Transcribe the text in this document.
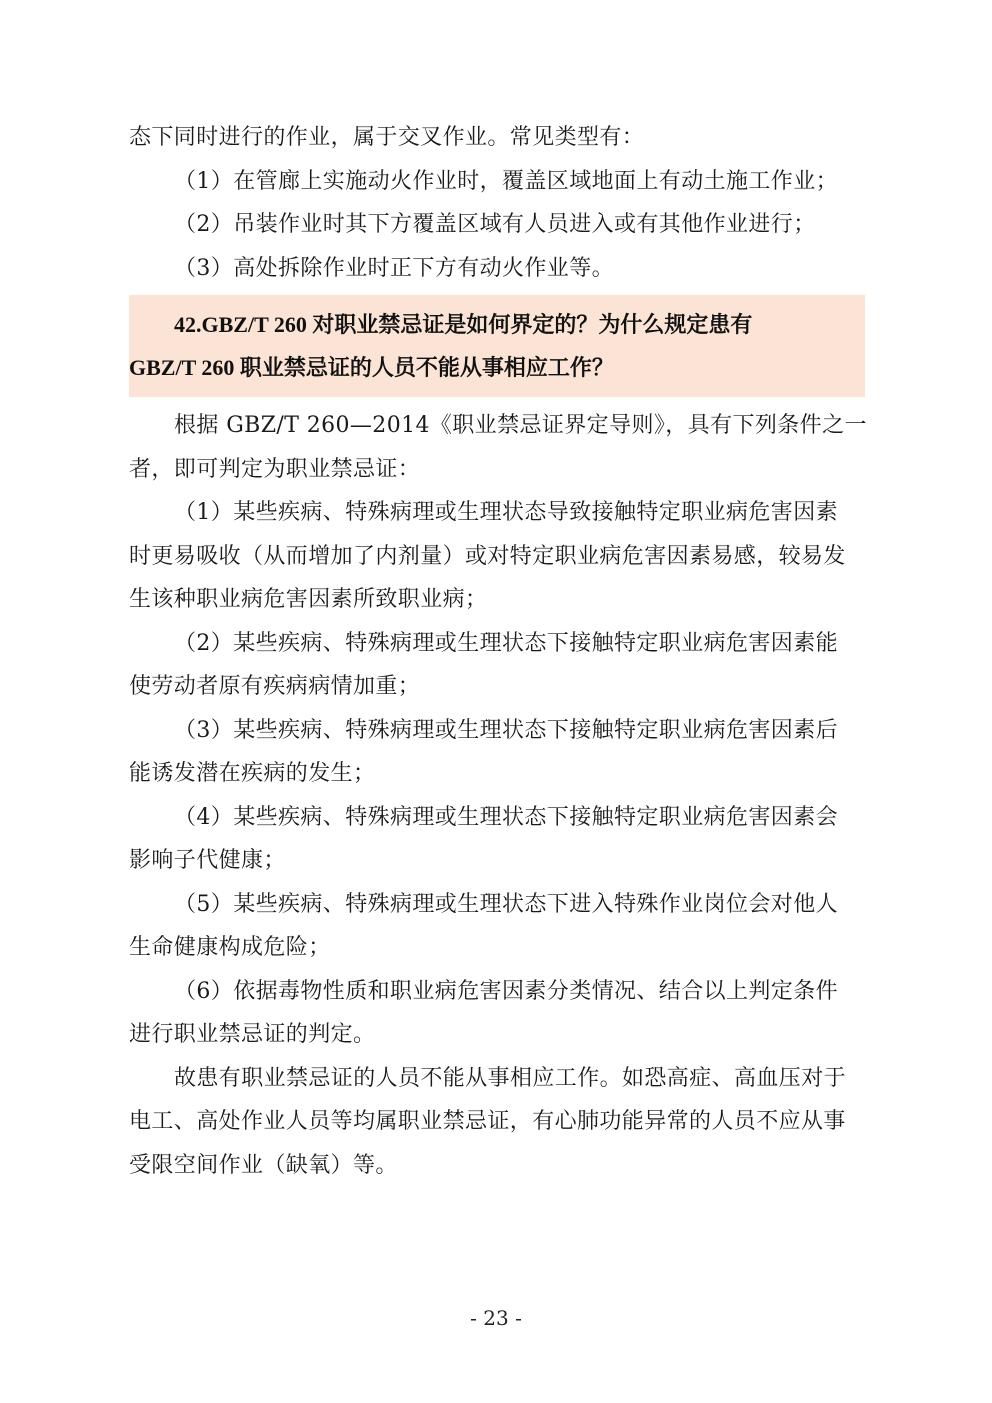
态下同时进行的作业，属于交叉作业。常见类型有：
（1）在管廊上实施动火作业时，覆盖区域地面上有动土施工作业；
（2）吊装作业时其下方覆盖区域有人员进入或有其他作业进行；
（3）高处拆除作业时正下方有动火作业等。
42.GBZ/T 260 对职业禁忌证是如何界定的？为什么规定患有
GBZ/T 260 职业禁忌证的人员不能从事相应工作？
根据 GBZ/T 260—2014《职业禁忌证界定导则》，具有下列条件之一
者，即可判定为职业禁忌证：
（1）某些疾病、特殊病理或生理状态导致接触特定职业病危害因素
时更易吸收（从而增加了内剂量）或对特定职业病危害因素易感，较易发
生该种职业病危害因素所致职业病；
（2）某些疾病、特殊病理或生理状态下接触特定职业病危害因素能
使劳动者原有疾病病情加重；
（3）某些疾病、特殊病理或生理状态下接触特定职业病危害因素后
能诱发潜在疾病的发生；
（4）某些疾病、特殊病理或生理状态下接触特定职业病危害因素会
影响子代健康；
（5）某些疾病、特殊病理或生理状态下进入特殊作业岗位会对他人
生命健康构成危险；
（6）依据毒物性质和职业病危害因素分类情况、结合以上判定条件
进行职业禁忌证的判定。
故患有职业禁忌证的人员不能从事相应工作。如恐高症、高血压对于
电工、高处作业人员等均属职业禁忌证，有心肺功能异常的人员不应从事
受限空间作业（缺氧）等。
- 23 -
